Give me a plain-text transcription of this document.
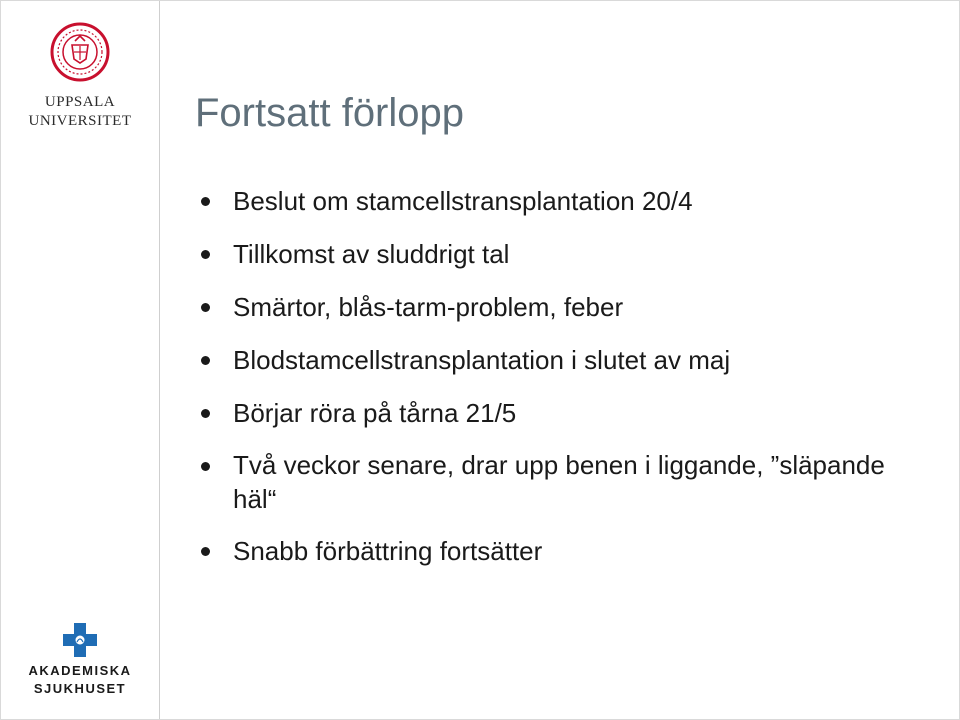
UPPSALA
UNIVERSITET
AKADEMISKA
SJUKHUSET
Fortsatt förlopp
Beslut om stamcellstransplantation 20/4
Tillkomst av sluddrigt tal
Smärtor, blås-tarm-problem, feber
Blodstamcellstransplantation i slutet av maj
Börjar röra på tårna 21/5
Två veckor senare, drar upp benen i liggande, ”släpande häl“
Snabb förbättring fortsätter
